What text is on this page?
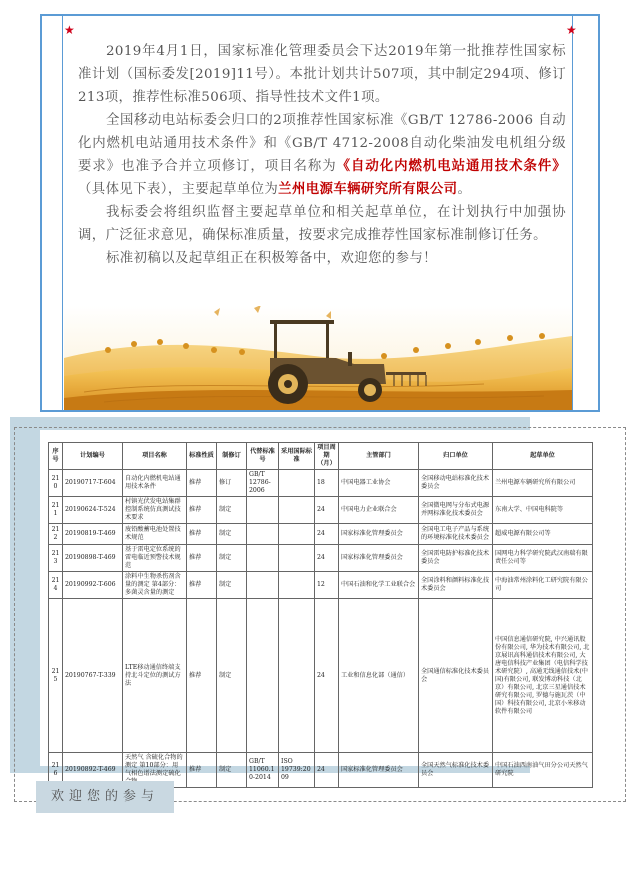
★	★

2019年4月1日，国家标准化管理委员会下达2019年第一批推荐性国家标准计划（国标委发[2019]11号）。本批计划共计507项，其中制定294项、修订213项，推荐性标准506项、指导性技术文件1项。

全国移动电站标委会归口的2项推荐性国家标准《GB/T 12786-2006 自动化内燃机电站通用技术条件》和《GB/T 4712-2008自动化柴油发电机组分级要求》也准予合并立项修订，项目名称为《自动化内燃机电站通用技术条件》（具体见下表），主要起草单位为兰州电源车辆研究所有限公司。

我标委会将组织监督主要起草单位和相关起草单位，在计划执行中加强协调，广泛征求意见，确保标准质量，按要求完成推荐性国家标准制修订任务。

标准初稿以及起草组正在积极筹备中，欢迎您的参与！

序号	计划编号	项目名称	标准性质	制修订	代替标准号	采用国际标准	项目周期（月）	主管部门	归口单位	起草单位
210	20190717-T-604	自动化内燃机电站通用技术条件	推荐	修订	GB/T 12786-2006		18	中国电器工业协会	全国移动电站标准化技术委员会	兰州电源车辆研究所有限公司
211	20190624-T-524	村镇光伏发电站集群控制系统仿真测试技术要求	推荐	制定			24	中国电力企业联合会	全国微电网与分布式电源并网标准化技术委员会	东南大学、中国电科院等
212	20190819-T-469	废铅酸蓄电池处置技术规范	推荐	制定			24	国家标准化管理委员会	全国电工电子产品与系统的环境标准化技术委员会	超威电源有限公司等
213	20190898-T-469	基于雷电定位系统的雷电临近预警技术规范	推荐	制定			24	国家标准化管理委员会	全国雷电防护标准化技术委员会	国网电力科学研究院武汉南瑞有限责任公司等
214	20190992-T-606	涂料中生物杀伤剂含量的测定 第4部分：多菌灵含量的测定	推荐	制定			12	中国石油和化学工业联合会	全国涂料和颜料标准化技术委员会	中海油常州涂料化工研究院有限公司
215	20190767-T-339	LTE移动通信终端支持北斗定位的测试方法	推荐	制定			24	工业和信息化部（通信）	全国通信标准化技术委员会	中国信息通信研究院, 中兴通讯股份有限公司, 华为技术有限公司, 北京展讯高科通信技术有限公司, 大唐电信科技产业集团（电信科学技术研究院）, 高通无线通信技术(中国)有限公司, 联发博动科技（北京）有限公司, 北京三星通信技术研究有限公司, 罗德与施瓦茨（中国）科技有限公司, 北京小米移动软件有限公司
216	20190892-T-469	天然气 含硫化合物的测定 第10部分：用气相色谱法测定硫化	推荐	制定	GB/T 11060.10-2014	ISO 19739:2009	24	国家标准化管理委员会	全国天然气标准化技术委员会	中国石油西南油气田分公司天然气研究院
欢迎您的参与
